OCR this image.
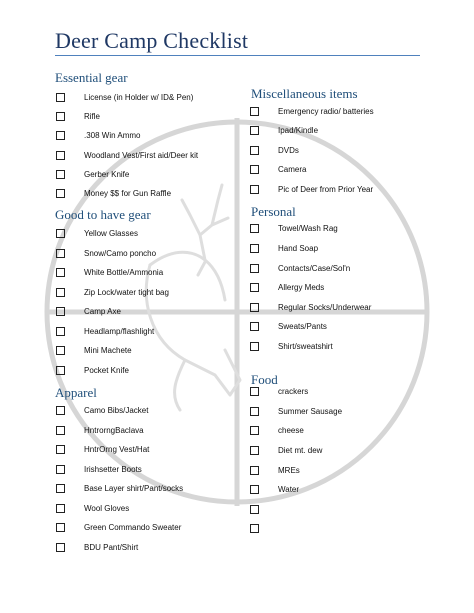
Deer Camp Checklist
Essential gear
License (in Holder w/ ID& Pen)
Rifle
.308 Win Ammo
Woodland Vest/First aid/Deer kit
Gerber Knife
Money $$ for Gun Raffle
Good to have gear
Yellow Glasses
Snow/Camo poncho
White Bottle/Ammonia
Zip Lock/water tight bag
Camp Axe
Headlamp/flashlight
Mini Machete
Pocket Knife
Apparel
Camo Bibs/Jacket
HntrorngBaclava
HntrOrng Vest/Hat
Irishsetter Boots
Base Layer shirt/Pant/socks
Wool Gloves
Green Commando Sweater
BDU Pant/Shirt
Miscellaneous items
Emergency radio/ batteries
Ipad/Kindle
DVDs
Camera
Pic of Deer from Prior Year
Personal
Towel/Wash Rag
Hand Soap
Contacts/Case/Sol'n
Allergy Meds
Regular Socks/Underwear
Sweats/Pants
Shirt/sweatshirt
Food
crackers
Summer Sausage
cheese
Diet mt. dew
MREs
Water
